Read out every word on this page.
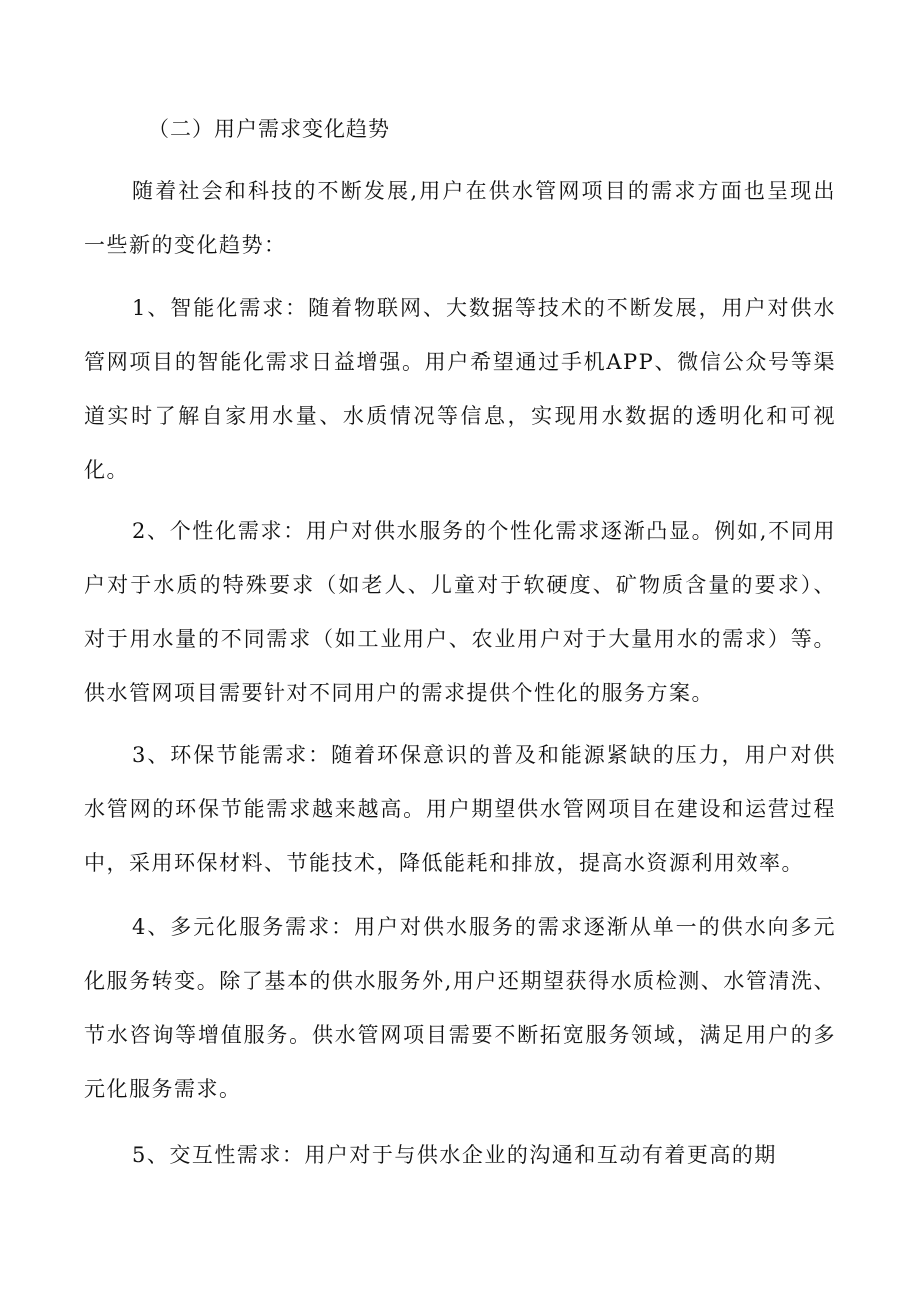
（二）用户需求变化趋势

随着社会和科技的不断发展,用户在供水管网项目的需求方面也呈现出一些新的变化趋势：

1、智能化需求：随着物联网、大数据等技术的不断发展，用户对供水管网项目的智能化需求日益增强。用户希望通过手机APP、微信公众号等渠道实时了解自家用水量、水质情况等信息，实现用水数据的透明化和可视化。

2、个性化需求：用户对供水服务的个性化需求逐渐凸显。例如,不同用户对于水质的特殊要求（如老人、儿童对于软硬度、矿物质含量的要求）、对于用水量的不同需求（如工业用户、农业用户对于大量用水的需求）等。供水管网项目需要针对不同用户的需求提供个性化的服务方案。

3、环保节能需求：随着环保意识的普及和能源紧缺的压力，用户对供水管网的环保节能需求越来越高。用户期望供水管网项目在建设和运营过程中，采用环保材料、节能技术，降低能耗和排放，提高水资源利用效率。

4、多元化服务需求：用户对供水服务的需求逐渐从单一的供水向多元化服务转变。除了基本的供水服务外,用户还期望获得水质检测、水管清洗、节水咨询等增值服务。供水管网项目需要不断拓宽服务领域，满足用户的多元化服务需求。

5、交互性需求：用户对于与供水企业的沟通和互动有着更高的期
